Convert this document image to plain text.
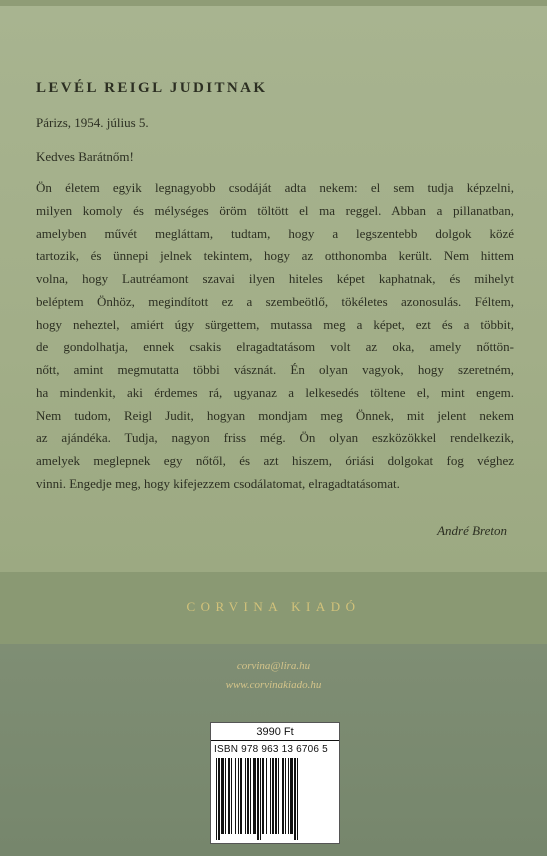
LEVÉL REIGL JUDITNAK
Párizs, 1954. július 5.
Kedves Barátnőm!
Ön életem egyik legnagyobb csodáját adta nekem: el sem tudja képzelni,
milyen komoly és mélységes öröm töltött el ma reggel. Abban a pillanatban,
amelyben művét megláttam, tudtam, hogy a legszentebb dolgok közé
tartozik, és ünnepi jelnek tekintem, hogy az otthonomba került. Nem hittem
volna, hogy Lautréamont szavai ilyen hiteles képet kaphatnak, és mihelyt
beléptem Önhöz, megindított ez a szembeötlő, tökéletes azonosulás. Féltem,
hogy neheztel, amiért úgy sürgettem, mutassa meg a képet, ezt és a többit,
de gondolhatja, ennek csakis elragadtatásom volt az oka, amely nőttön-
nőtt, amint megmutatta többi vásznát. Én olyan vagyok, hogy szeretném,
ha mindenkit, aki érdemes rá, ugyanaz a lelkesedés töltene el, mint engem.
Nem tudom, Reigl Judit, hogyan mondjam meg Önnek, mit jelent nekem
az ajándéka. Tudja, nagyon friss még. Ön olyan eszközökkel rendelkezik,
amelyek meglepnek egy nőtől, és azt hiszem, óriási dolgokat fog véghez
vinni. Engedje meg, hogy kifejezzem csodálatomat, elragadtatásomat.
André Breton
CORVINA KIADÓ
corvina@lira.hu
www.corvinakiado.hu
3990 Ft
ISBN 978 963 13 6706 5
